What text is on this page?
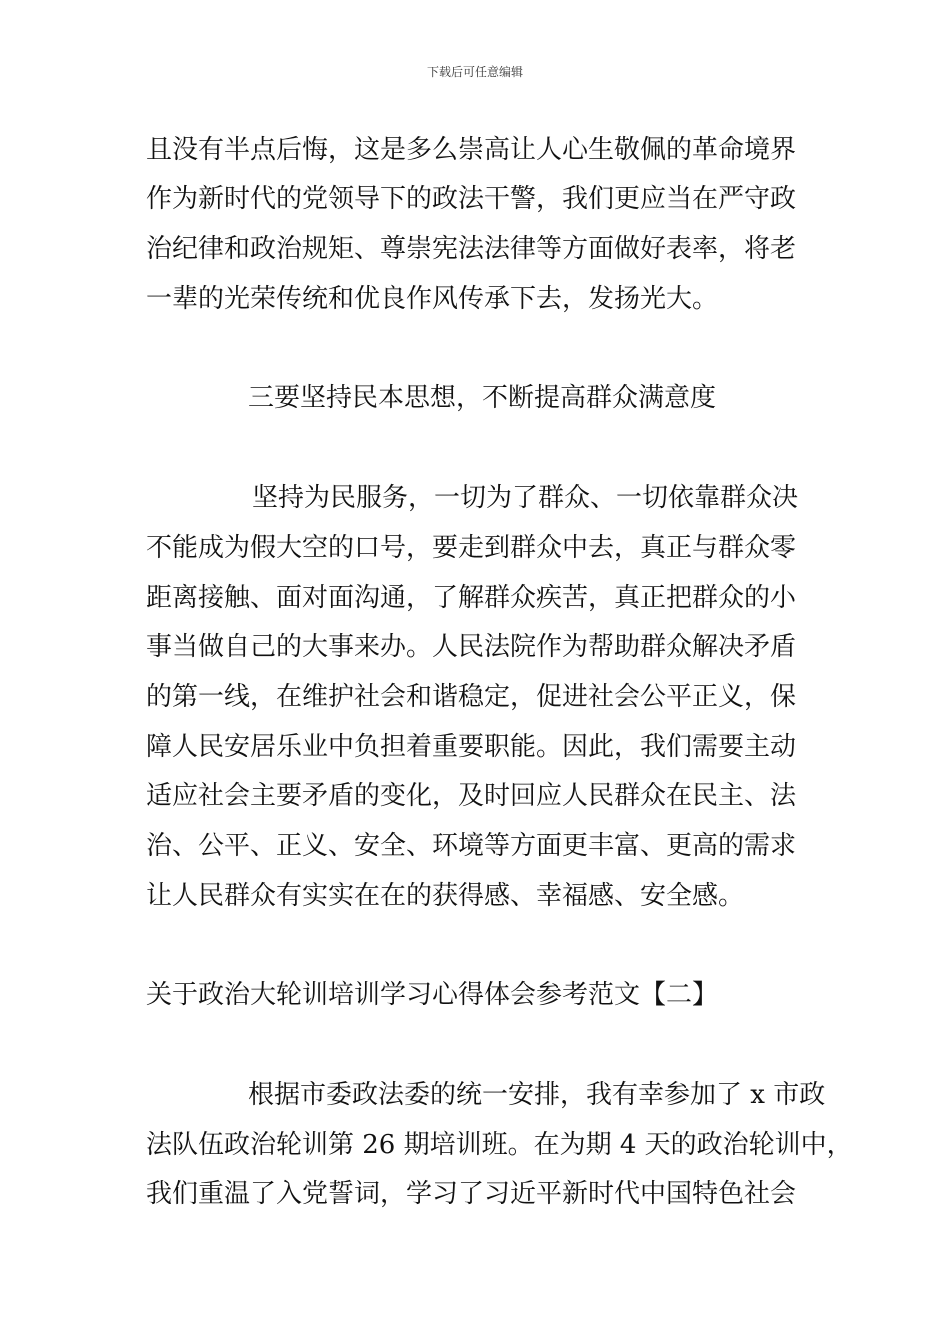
下载后可任意编辑
且没有半点后悔，这是多么崇高让人心生敬佩的革命境界
作为新时代的党领导下的政法干警，我们更应当在严守政
治纪律和政治规矩、尊崇宪法法律等方面做好表率，将老
一辈的光荣传统和优良作风传承下去，发扬光大。
三要坚持民本思想，不断提高群众满意度
坚持为民服务，一切为了群众、一切依靠群众决
不能成为假大空的口号，要走到群众中去，真正与群众零
距离接触、面对面沟通，了解群众疾苦，真正把群众的小
事当做自己的大事来办。人民法院作为帮助群众解决矛盾
的第一线，在维护社会和谐稳定，促进社会公平正义，保
障人民安居乐业中负担着重要职能。因此，我们需要主动
适应社会主要矛盾的变化，及时回应人民群众在民主、法
治、公平、正义、安全、环境等方面更丰富、更高的需求
让人民群众有实实在在的获得感、幸福感、安全感。
关于政治大轮训培训学习心得体会参考范文【二】
根据市委政法委的统一安排，我有幸参加了 x 市政
法队伍政治轮训第 26 期培训班。在为期 4 天的政治轮训中，
我们重温了入党誓词，学习了习近平新时代中国特色社会
